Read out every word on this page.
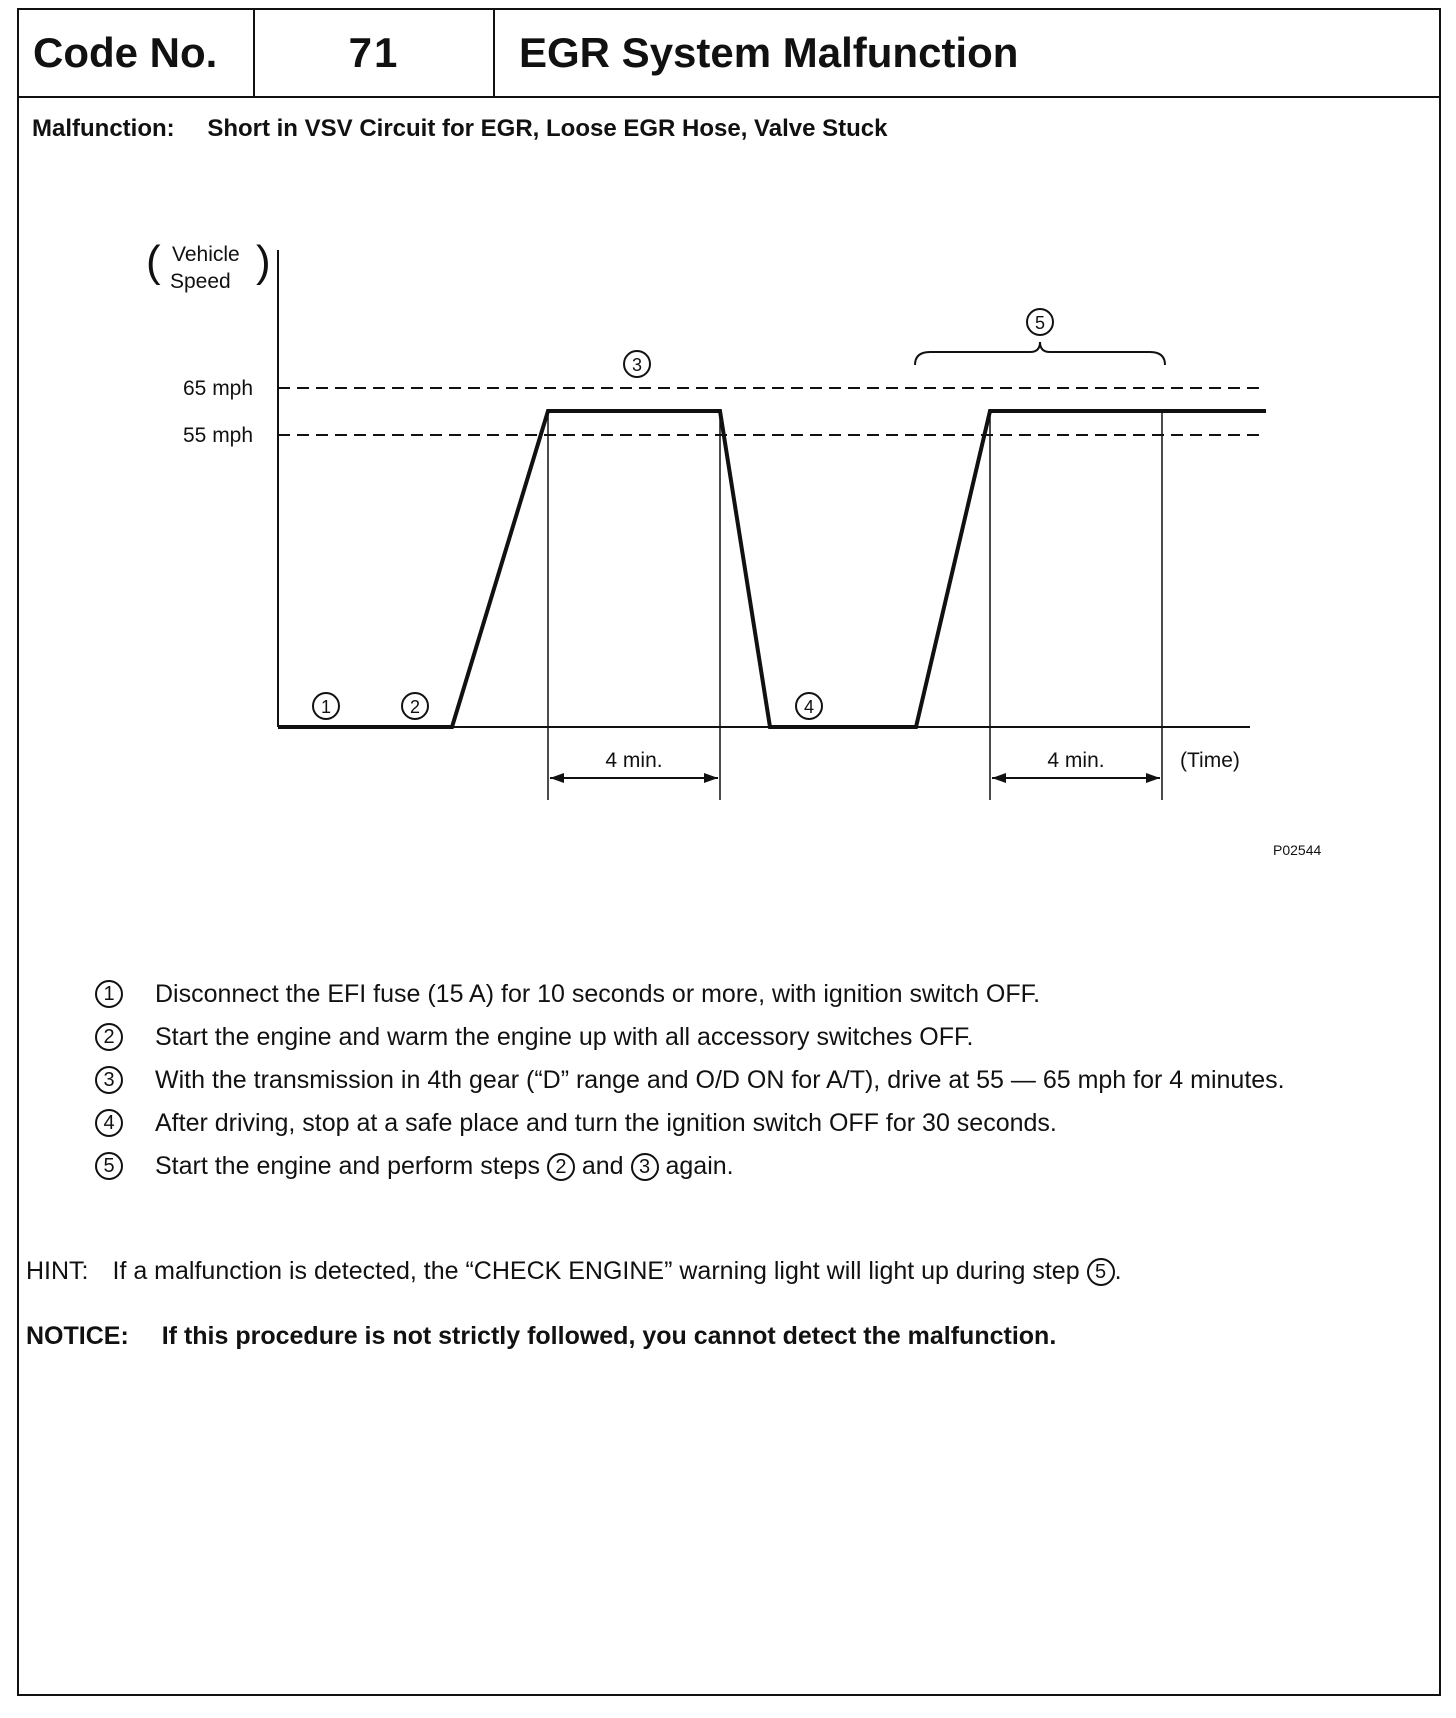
Code No.	71	EGR System Malfunction
Malfunction: Short in VSV Circuit for EGR, Loose EGR Hose, Valve Stuck
( Vehicle Speed )
65 mph
55 mph
1	2
3
4
5
4 min.	4 min.	(Time)
P02544
1	Disconnect the EFI fuse (15 A) for 10 seconds or more, with ignition switch OFF.
2	Start the engine and warm the engine up with all accessory switches OFF.
3	With the transmission in 4th gear (“D” range and O/D ON for A/T), drive at 55 — 65 mph for 4 minutes.
4	After driving, stop at a safe place and turn the ignition switch OFF for 30 seconds.
5	Start the engine and perform steps 2 and 3 again.
HINT: If a malfunction is detected, the “CHECK ENGINE” warning light will light up during step 5 .
NOTICE: If this procedure is not strictly followed, you cannot detect the malfunction.
